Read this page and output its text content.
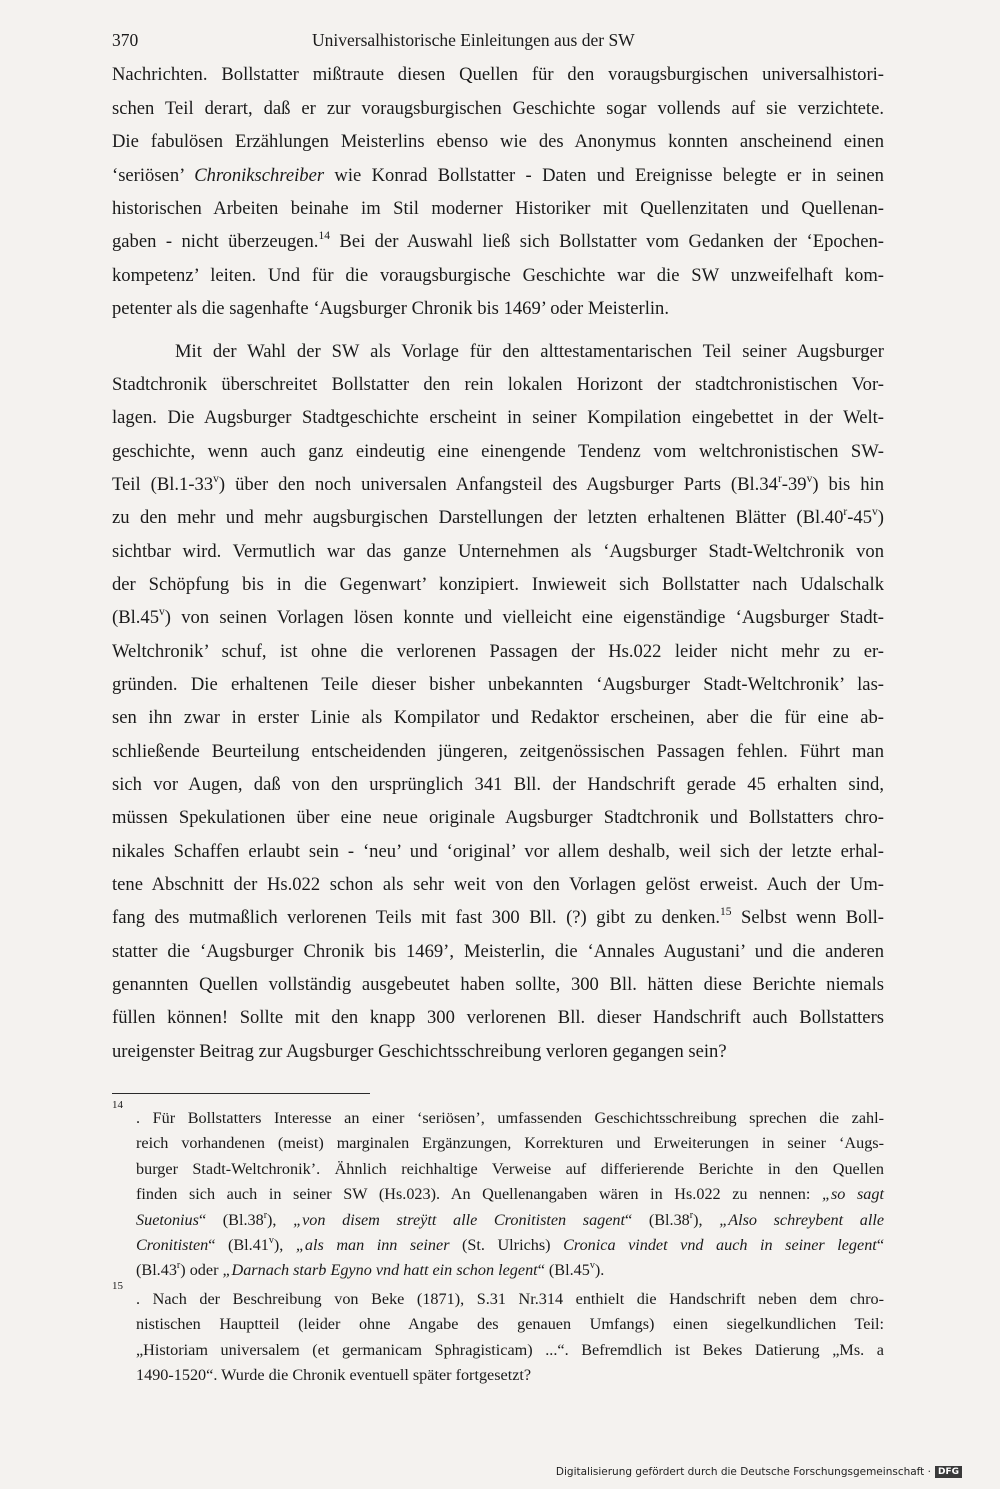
370	Universalhistorische Einleitungen aus der SW
Nachrichten. Bollstatter mißtraute diesen Quellen für den voraugsburgischen universalhistori-
schen Teil derart, daß er zur voraugsburgischen Geschichte sogar vollends auf sie verzichtete.
Die fabulösen Erzählungen Meisterlins ebenso wie des Anonymus konnten anscheinend einen
‘seriösen’ Chronikschreiber wie Konrad Bollstatter - Daten und Ereignisse belegte er in seinen
historischen Arbeiten beinahe im Stil moderner Historiker mit Quellenzitaten und Quellenan-
gaben - nicht überzeugen.$^{14}$ Bei der Auswahl ließ sich Bollstatter vom Gedanken der ‘Epochen-
kompetenz’ leiten. Und für die voraugsburgische Geschichte war die SW unzweifelhaft kom-
petenter als die sagenhafte ‘Augsburger Chronik bis 1469’ oder Meisterlin.
Mit der Wahl der SW als Vorlage für den alttestamentarischen Teil seiner Augsburger
Stadtchronik überschreitet Bollstatter den rein lokalen Horizont der stadtchronistischen Vor-
lagen. Die Augsburger Stadtgeschichte erscheint in seiner Kompilation eingebettet in der Welt-
geschichte, wenn auch ganz eindeutig eine einengende Tendenz vom weltchronistischen SW-
Teil (Bl.1-33$^v$) über den noch universalen Anfangsteil des Augsburger Parts (Bl.34$^r$-39$^v$) bis hin
zu den mehr und mehr augsburgischen Darstellungen der letzten erhaltenen Blätter (Bl.40$^r$-45$^v$)
sichtbar wird. Vermutlich war das ganze Unternehmen als ‘Augsburger Stadt-Weltchronik von
der Schöpfung bis in die Gegenwart’ konzipiert. Inwieweit sich Bollstatter nach Udalschalk
(Bl.45$^v$) von seinen Vorlagen lösen konnte und vielleicht eine eigenständige ‘Augsburger Stadt-
Weltchronik’ schuf, ist ohne die verlorenen Passagen der Hs.022 leider nicht mehr zu er-
gründen. Die erhaltenen Teile dieser bisher unbekannten ‘Augsburger Stadt-Weltchronik’ las-
sen ihn zwar in erster Linie als Kompilator und Redaktor erscheinen, aber die für eine ab-
schließende Beurteilung entscheidenden jüngeren, zeitgenössischen Passagen fehlen. Führt man
sich vor Augen, daß von den ursprünglich 341 Bll. der Handschrift gerade 45 erhalten sind,
müssen Spekulationen über eine neue originale Augsburger Stadtchronik und Bollstatters chro-
nikales Schaffen erlaubt sein - ‘neu’ und ‘original’ vor allem deshalb, weil sich der letzte erhal-
tene Abschnitt der Hs.022 schon als sehr weit von den Vorlagen gelöst erweist. Auch der Um-
fang des mutmaßlich verlorenen Teils mit fast 300 Bll. (?) gibt zu denken.$^{15}$ Selbst wenn Boll-
statter die ‘Augsburger Chronik bis 1469’, Meisterlin, die ‘Annales Augustani’ und die anderen
genannten Quellen vollständig ausgebeutet haben sollte, 300 Bll. hätten diese Berichte niemals
füllen können! Sollte mit den knapp 300 verlorenen Bll. dieser Handschrift auch Bollstatters
ureigenster Beitrag zur Augsburger Geschichtsschreibung verloren gegangen sein?
14
. Für Bollstatters Interesse an einer ‘seriösen’, umfassenden Geschichtsschreibung sprechen die zahl-
reich vorhandenen (meist) marginalen Ergänzungen, Korrekturen und Erweiterungen in seiner ‘Augs-
burger Stadt-Weltchronik’. Ähnlich reichhaltige Verweise auf differierende Berichte in den Quellen
finden sich auch in seiner SW (Hs.023). An Quellenangaben wären in Hs.022 zu nennen: „so sagt
Suetonius“ (Bl.38$^r$), „von disem streÿtt alle Cronitisten sagent“ (Bl.38$^r$), „Also schreybent alle
Cronitisten“ (Bl.41$^v$), „als man inn seiner (St. Ulrichs) Cronica vindet vnd auch in seiner legent“
(Bl.43$^r$) oder „Darnach starb Egyno vnd hatt ein schon legent“ (Bl.45$^v$).
15
. Nach der Beschreibung von Beke (1871), S.31 Nr.314 enthielt die Handschrift neben dem chro-
nistischen Hauptteil (leider ohne Angabe des genauen Umfangs) einen siegelkundlichen Teil:
„Historiam universalem (et germanicam Sphragisticam) ...“. Befremdlich ist Bekes Datierung „Ms. a
1490-1520“. Wurde die Chronik eventuell später fortgesetzt?
Digitalisierung gefördert durch die Deutsche Forschungsgemeinschaft · DFG
